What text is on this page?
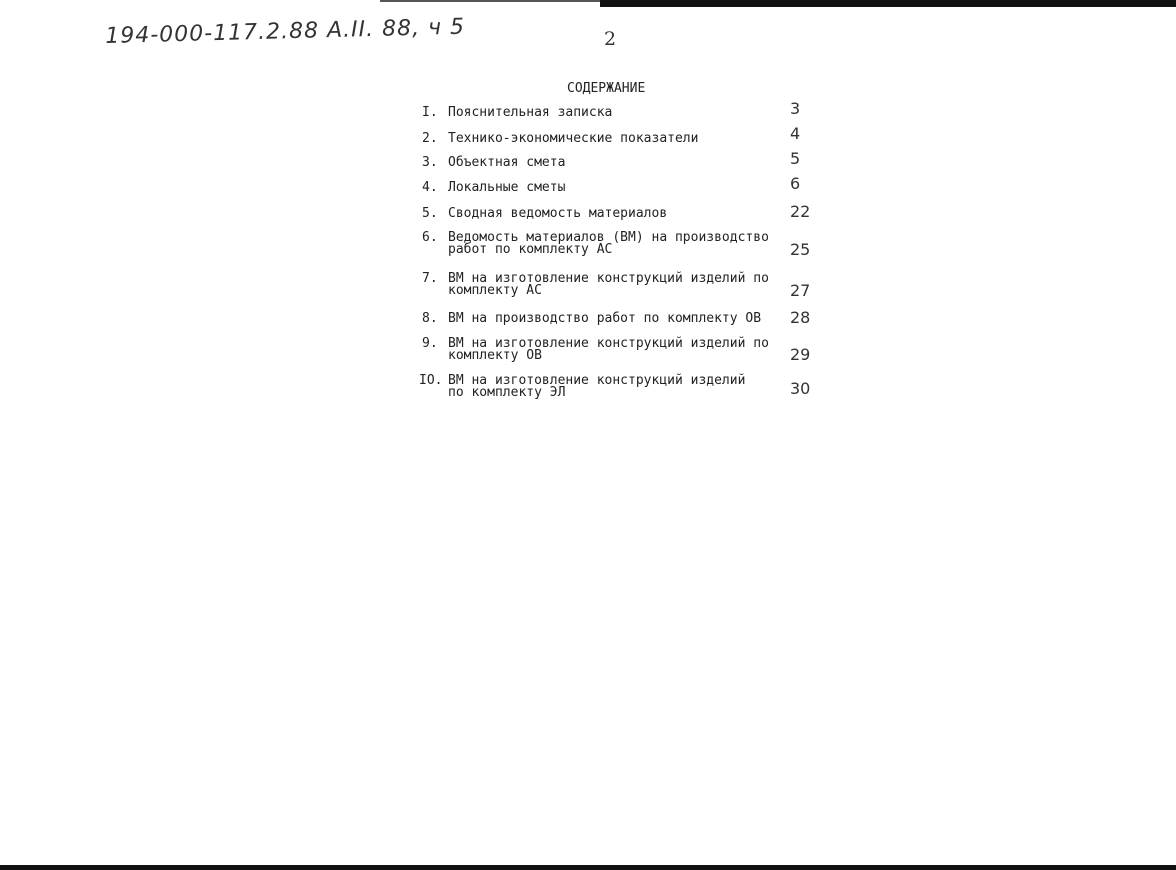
194-000-117.2.88 А.II. 88, ч 5	2
СОДЕРЖАНИЕ
I. Пояснительная записка	3
2. Технико-экономические показатели	4
3. Объектная смета	5
4. Локальные сметы	6
5. Сводная ведомость материалов	22
6. Ведомость материалов (ВМ) на производство
работ по комплекту АС	25
7. ВМ на изготовление конструкций изделий по
комплекту АС	27
8. ВМ на производство работ по комплекту ОВ	28
9. ВМ на изготовление конструкций изделий по
комплекту ОВ	29
IO. ВМ на изготовление конструкций изделий
по комплекту ЭЛ	30
